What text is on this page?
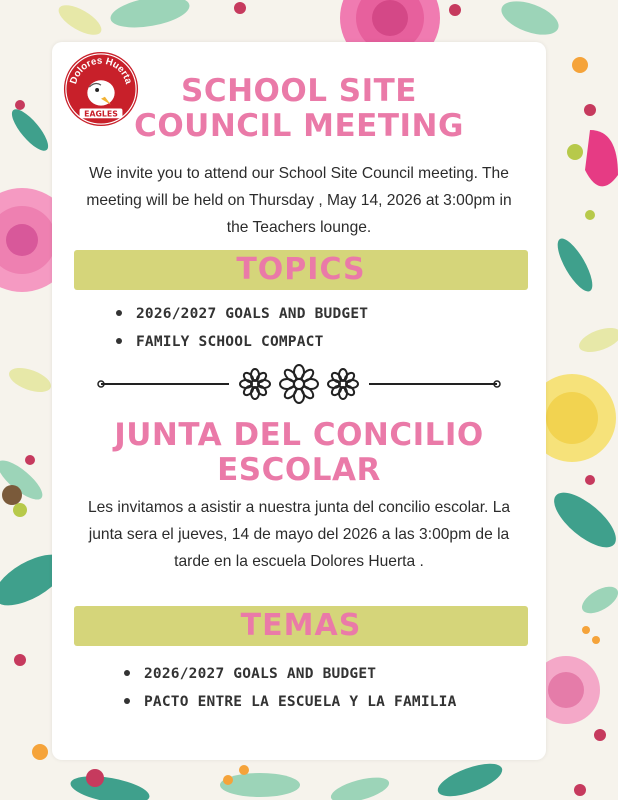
Dolores Huerta
EAGLES
SCHOOL SITE
COUNCIL MEETING
We invite you to attend our School Site Council meeting. The meeting will be held on Thursday , May 14, 2026 at 3:00pm in the Teachers lounge.
TOPICS
2026/2027 GOALS AND BUDGET
FAMILY SCHOOL COMPACT
JUNTA DEL CONCILIO
ESCOLAR
Les invitamos a asistir a nuestra junta del concilio escolar. La junta sera el jueves, 14 de mayo del 2026 a las 3:00pm de la tarde en la escuela Dolores Huerta .
TEMAS
2026/2027 GOALS AND BUDGET
PACTO ENTRE LA ESCUELA Y LA FAMILIA
